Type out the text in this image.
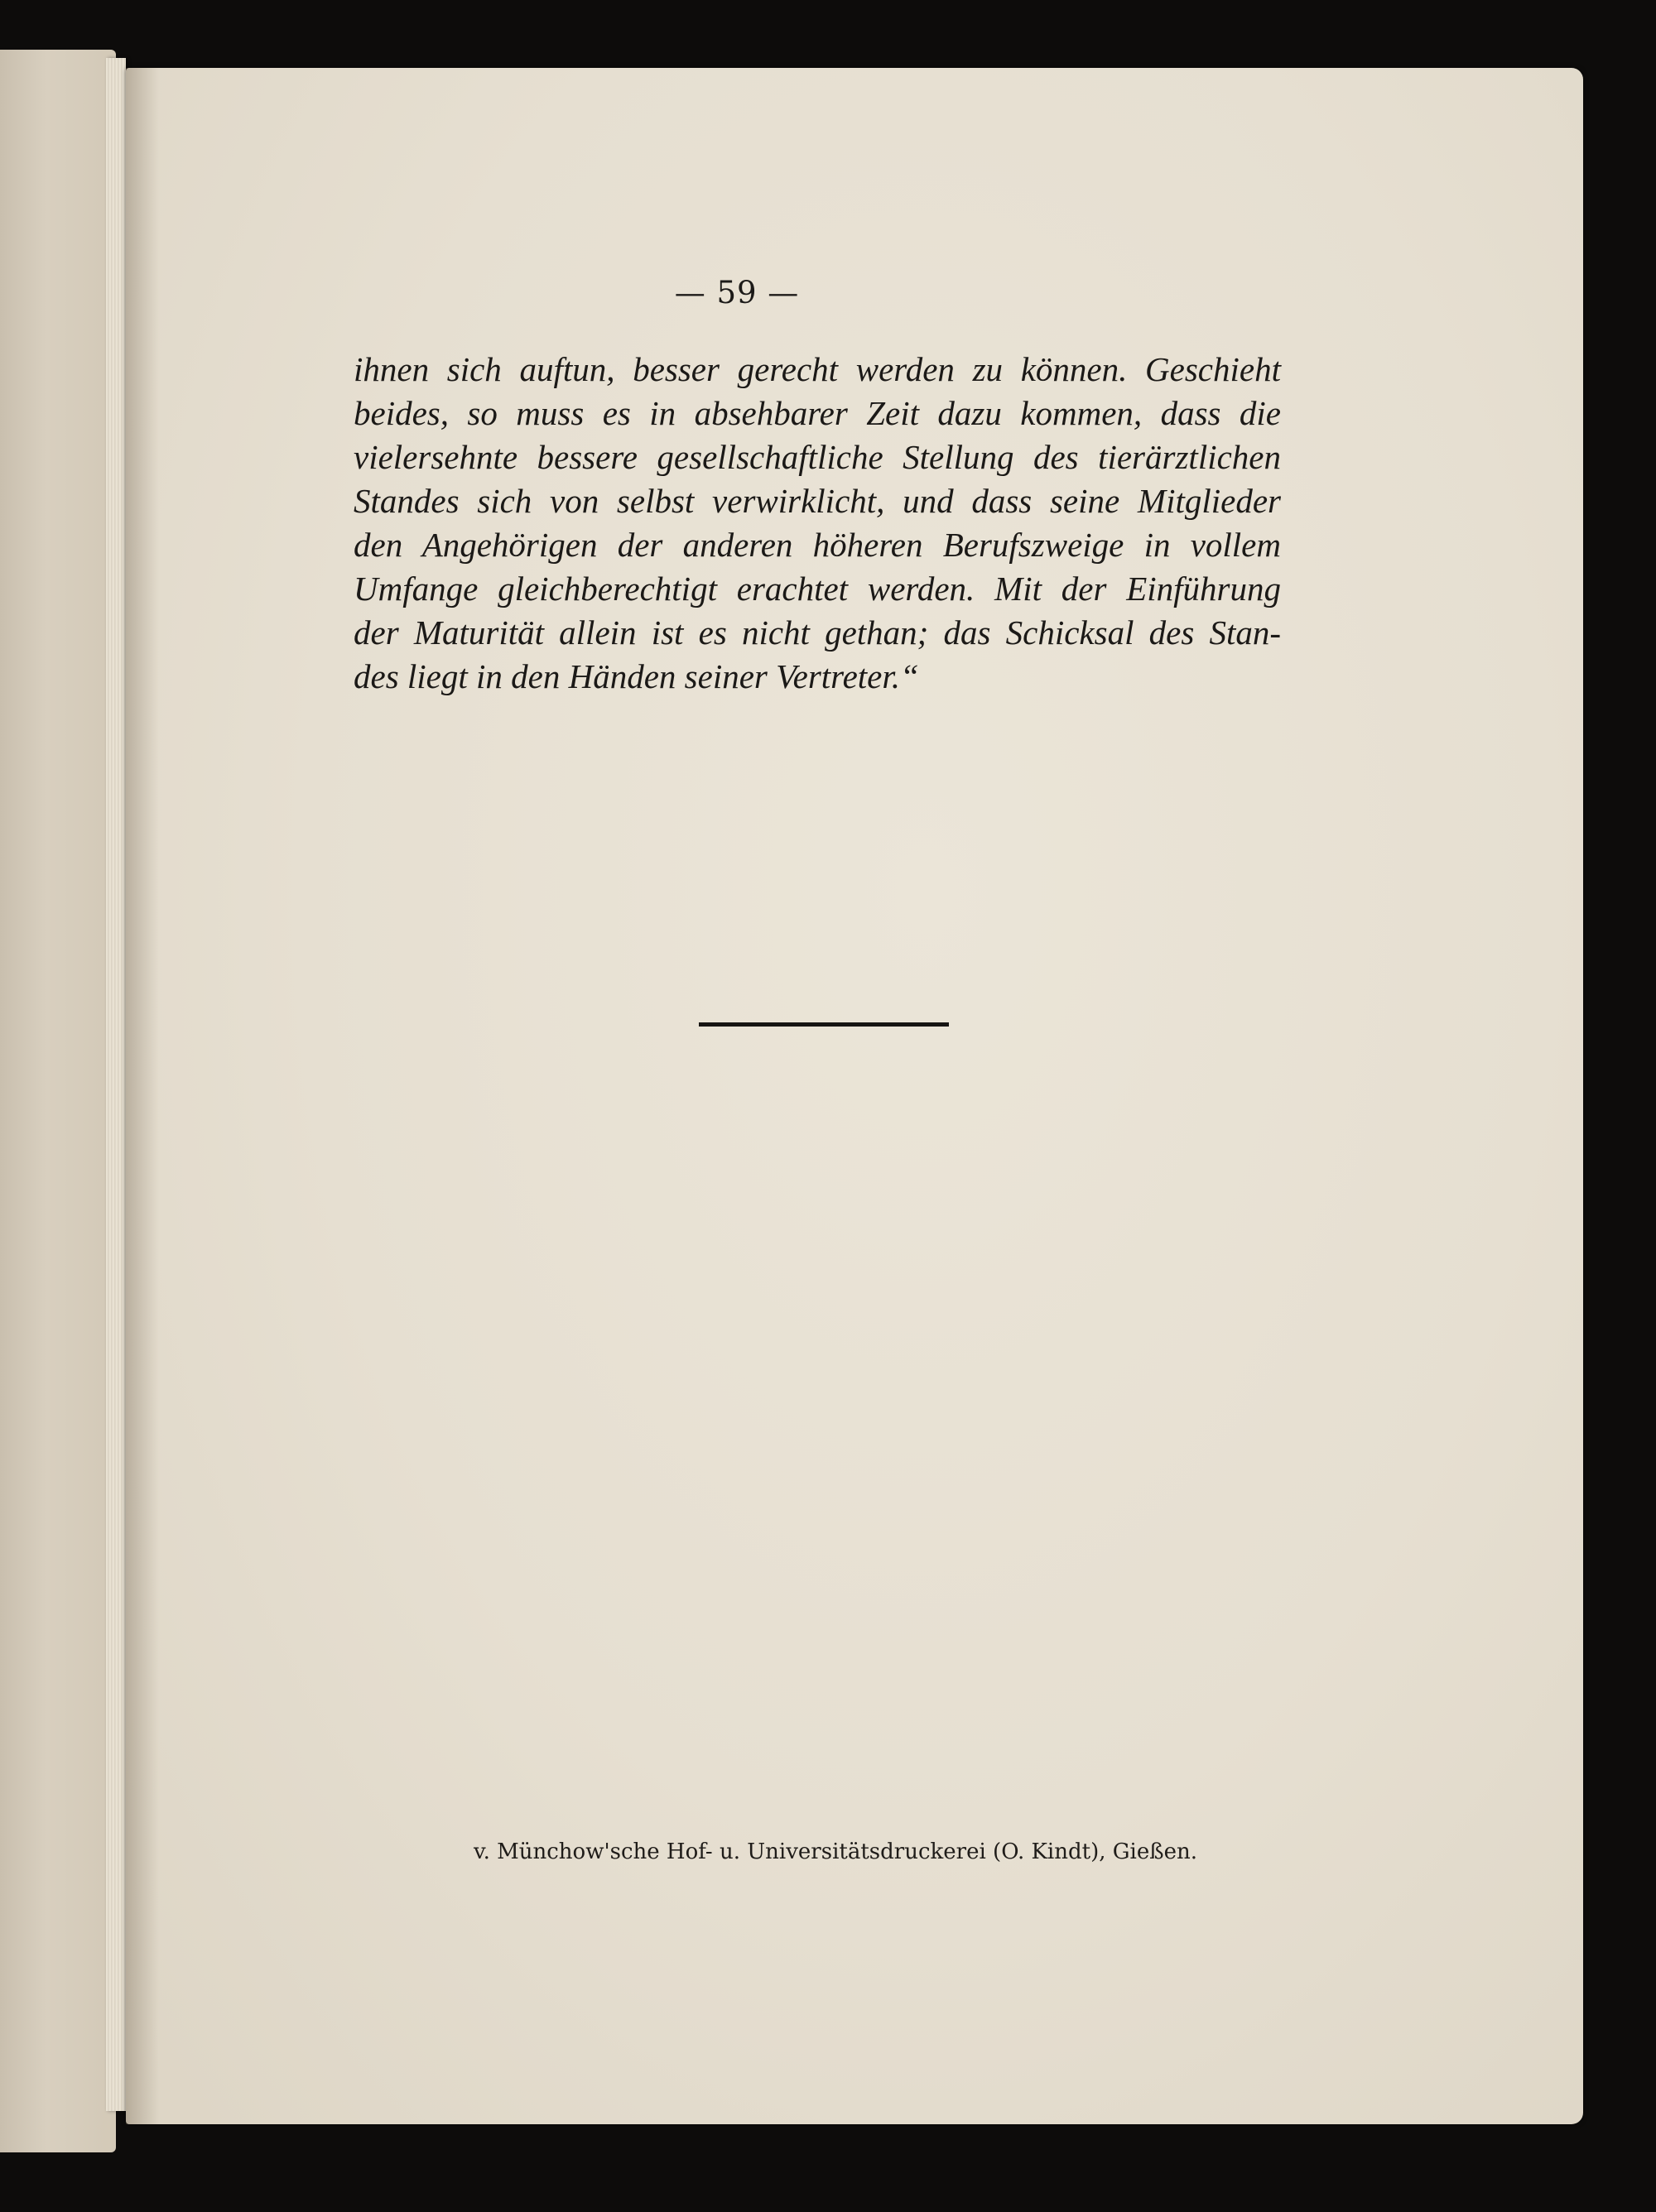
— 59 —
ihnen sich auftun, besser gerecht werden zu können. Geschieht
beides, so muss es in absehbarer Zeit dazu kommen, dass die
vielersehnte bessere gesellschaftliche Stellung des tierärztlichen
Standes sich von selbst verwirklicht, und dass seine Mitglieder
den Angehörigen der anderen höheren Berufszweige in vollem
Umfange gleichberechtigt erachtet werden. Mit der Einführung
der Maturität allein ist es nicht gethan; das Schicksal des Stan-
des liegt in den Händen seiner Vertreter.“
v. Münchow'sche Hof- u. Universitätsdruckerei (O. Kindt), Gießen.
